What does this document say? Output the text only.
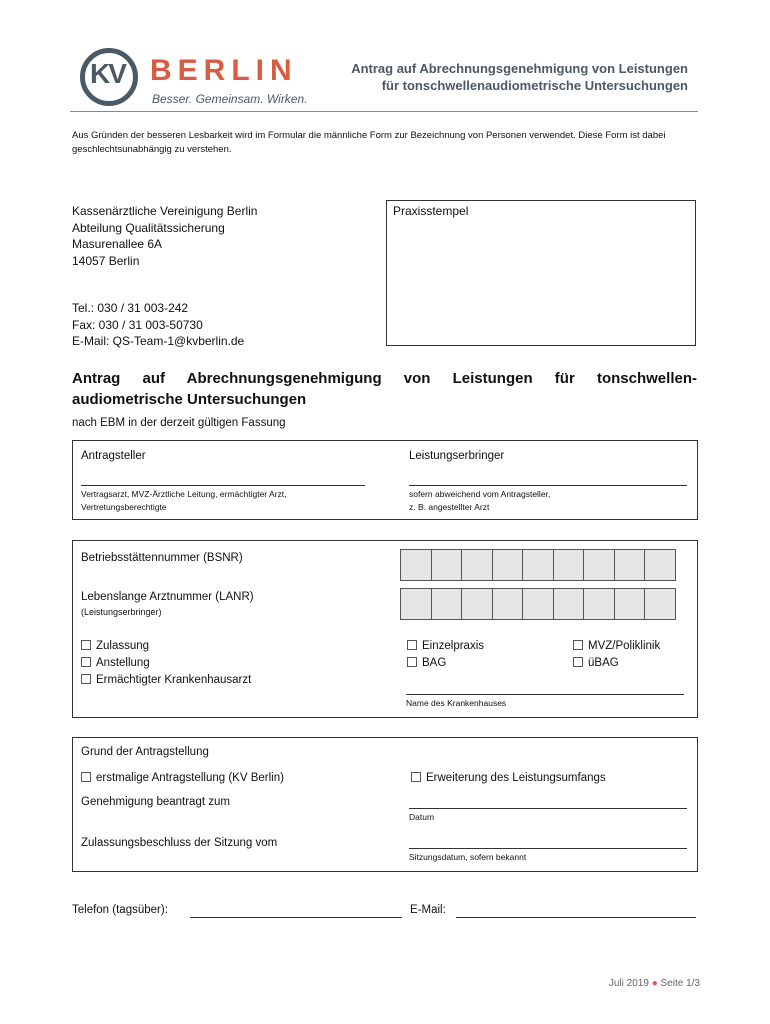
KV BERLIN
Besser. Gemeinsam. Wirken.
Antrag auf Abrechnungsgenehmigung von Leistungen
für tonschwellenaudiometrische Untersuchungen
Aus Gründen der besseren Lesbarkeit wird im Formular die männliche Form zur Bezeichnung von Personen verwendet. Diese Form ist dabei geschlechtsunabhängig zu verstehen.
Kassenärztliche Vereinigung Berlin
Abteilung Qualitätssicherung
Masurenallee 6A
14057 Berlin
Praxisstempel
Tel.: 030 / 31 003-242
Fax: 030 / 31 003-50730
E-Mail: QS-Team-1@kvberlin.de
Antrag auf Abrechnungsgenehmigung von Leistungen für tonschwellen-audiometrische Untersuchungen
nach EBM in der derzeit gültigen Fassung
Antragsteller
Vertragsarzt, MVZ-Ärztliche Leitung, ermächtigter Arzt,
Vertretungsberechtigte
Leistungserbringer
sofern abweichend vom Antragsteller,
z. B. angestellter Arzt
Betriebsstättennummer (BSNR)
Lebenslange Arztnummer (LANR)
(Leistungserbringer)
Zulassung
Anstellung
Ermächtigter Krankenhausarzt
Einzelpraxis
BAG
MVZ/Poliklinik
üBAG
Name des Krankenhauses
Grund der Antragstellung
erstmalige Antragstellung (KV Berlin)	Erweiterung des Leistungsumfangs
Genehmigung beantragt zum
Datum
Zulassungsbeschluss der Sitzung vom
Sitzungsdatum, sofern bekannt
Telefon (tagsüber):	E-Mail:
Juli 2019 ● Seite 1/3
